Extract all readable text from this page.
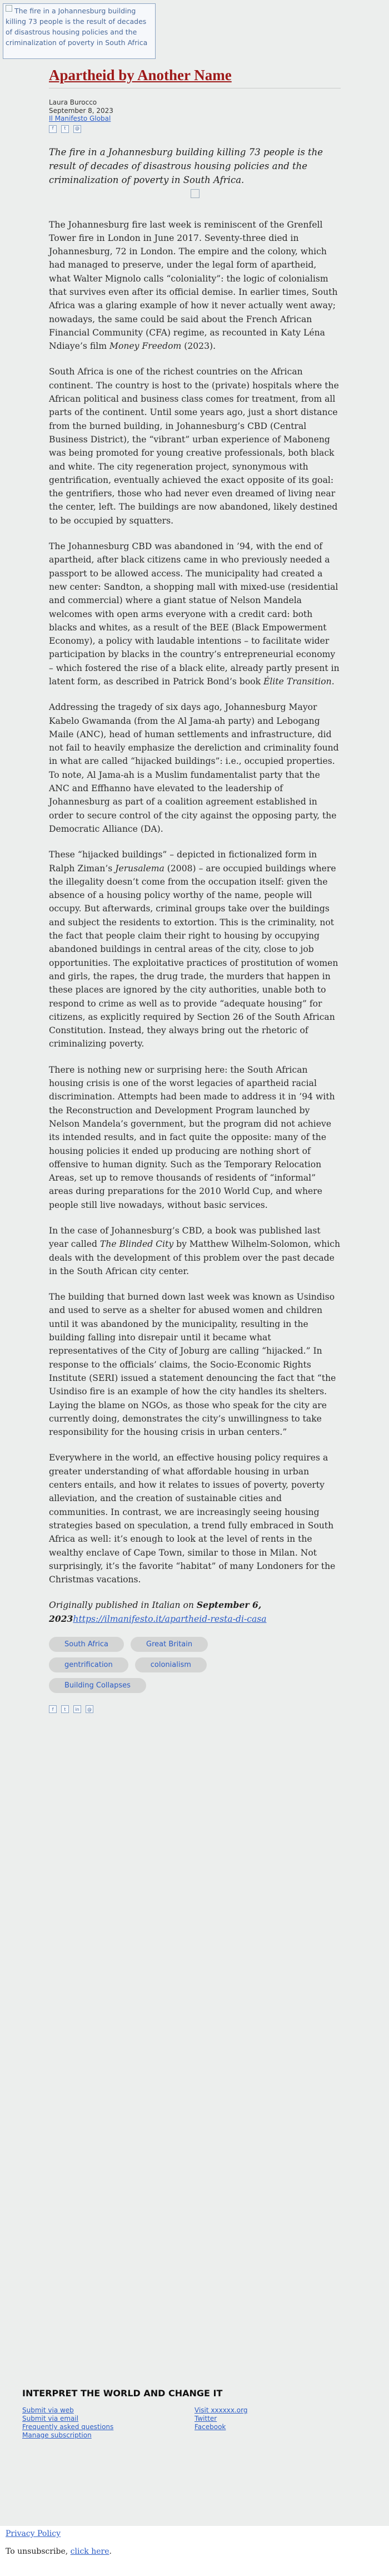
The fire in a Johannesburg building killing 73 people is the result of decades of disastrous housing policies and the criminalization of poverty in South Africa
Apartheid by Another Name
Laura Burocco
September 8, 2023
Il Manifesto Global
f	t	@
The fire in a Johannesburg building killing 73 people is the result of decades of disastrous housing policies and the criminalization of poverty in South Africa.

The Johannesburg fire last week is reminiscent of the Grenfell Tower fire in London in June 2017. Seventy-three died in Johannesburg, 72 in London. The empire and the colony, which had managed to preserve, under the legal form of apartheid, what Walter Mignolo calls “coloniality”: the logic of colonialism that survives even after its official demise. In earlier times, South Africa was a glaring example of how it never actually went away; nowadays, the same could be said about the French African Financial Community (CFA) regime, as recounted in Katy Léna Ndiaye’s film Money Freedom (2023).

South Africa is one of the richest countries on the African continent. The country is host to the (private) hospitals where the African political and business class comes for treatment, from all parts of the continent. Until some years ago, just a short distance from the burned building, in Johannesburg’s CBD (Central Business District), the “vibrant” urban experience of Maboneng was being promoted for young creative professionals, both black and white. The city regeneration project, synonymous with gentrification, eventually achieved the exact opposite of its goal: the gentrifiers, those who had never even dreamed of living near the center, left. The buildings are now abandoned, likely destined to be occupied by squatters.

The Johannesburg CBD was abandoned in ’94, with the end of apartheid, after black citizens came in who previously needed a passport to be allowed access. The municipality had created a new center: Sandton, a shopping mall with mixed-use (residential and commercial) where a giant statue of Nelson Mandela welcomes with open arms everyone with a credit card: both blacks and whites, as a result of the BEE (Black Empowerment Economy), a policy with laudable intentions – to facilitate wider participation by blacks in the country’s entrepreneurial economy – which fostered the rise of a black elite, already partly present in latent form, as described in Patrick Bond’s book Élite Transition.

Addressing the tragedy of six days ago, Johannesburg Mayor Kabelo Gwamanda (from the Al Jama-ah party) and Lebogang Maile (ANC), head of human settlements and infrastructure, did not fail to heavily emphasize the dereliction and criminality found in what are called “hijacked buildings”: i.e., occupied properties. To note, Al Jama-ah is a Muslim fundamentalist party that the ANC and Effhanno have elevated to the leadership of Johannesburg as part of a coalition agreement established in order to secure control of the city against the opposing party, the Democratic Alliance (DA).

These “hijacked buildings” – depicted in fictionalized form in Ralph Ziman’s Jerusalema (2008) – are occupied buildings where the illegality doesn’t come from the occupation itself: given the absence of a housing policy worthy of the name, people will occupy. But afterwards, criminal groups take over the buildings and subject the residents to extortion. This is the criminality, not the fact that people claim their right to housing by occupying abandoned buildings in central areas of the city, close to job opportunities. The exploitative practices of prostitution of women and girls, the rapes, the drug trade, the murders that happen in these places are ignored by the city authorities, unable both to respond to crime as well as to provide “adequate housing” for citizens, as explicitly required by Section 26 of the South African Constitution. Instead, they always bring out the rhetoric of criminalizing poverty.

There is nothing new or surprising here: the South African housing crisis is one of the worst legacies of apartheid racial discrimination. Attempts had been made to address it in ’94 with the Reconstruction and Development Program launched by Nelson Mandela’s government, but the program did not achieve its intended results, and in fact quite the opposite: many of the housing policies it ended up producing are nothing short of offensive to human dignity. Such as the Temporary Relocation Areas, set up to remove thousands of residents of “informal” areas during preparations for the 2010 World Cup, and where people still live nowadays, without basic services.

In the case of Johannesburg’s CBD, a book was published last year called The Blinded City by Matthew Wilhelm-Solomon, which deals with the development of this problem over the past decade in the South African city center.

The building that burned down last week was known as Usindiso and used to serve as a shelter for abused women and children until it was abandoned by the municipality, resulting in the building falling into disrepair until it became what representatives of the City of Joburg are calling “hijacked.” In response to the officials’ claims, the Socio-Economic Rights Institute (SERI) issued a statement denouncing the fact that “the Usindiso fire is an example of how the city handles its shelters. Laying the blame on NGOs, as those who speak for the city are currently doing, demonstrates the city’s unwillingness to take responsibility for the housing crisis in urban centers.”

Everywhere in the world, an effective housing policy requires a greater understanding of what affordable housing in urban centers entails, and how it relates to issues of poverty, poverty alleviation, and the creation of sustainable cities and communities. In contrast, we are increasingly seeing housing strategies based on speculation, a trend fully embraced in South Africa as well: it’s enough to look at the level of rents in the wealthy enclave of Cape Town, similar to those in Milan. Not surprisingly, it’s the favorite “habitat” of many Londoners for the Christmas vacations.

Originally published in Italian on September 6, 2023https://ilmanifesto.it/apartheid-resta-di-casa
South Africa	Great Britain
gentrification	colonialism
Building Collapses
f	t	in	@
INTERPRET THE WORLD AND CHANGE IT
Submit via web
Submit via email
Frequently asked questions
Manage subscription
Visit xxxxxx.org
Twitter
Facebook
Privacy Policy
To unsubscribe, click here.
